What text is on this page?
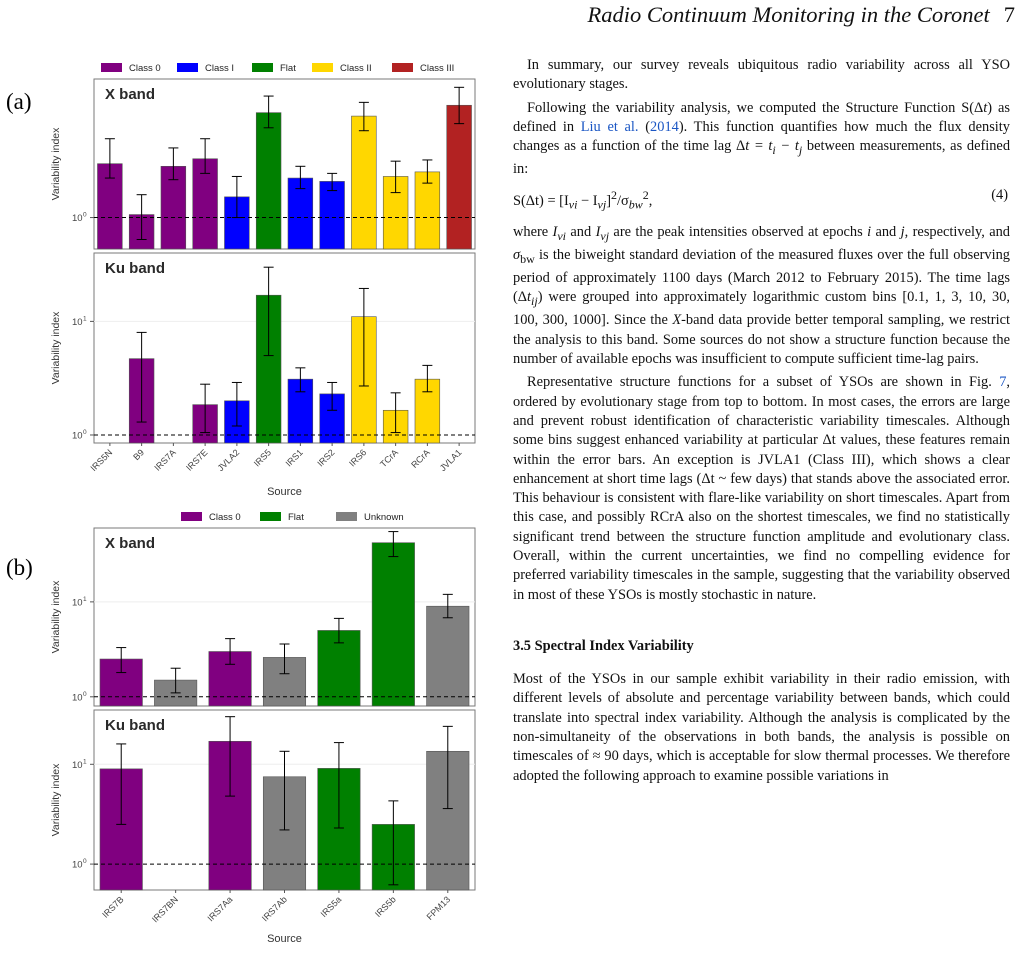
Radio Continuum Monitoring in the Coronet 7
(a)
(b)
Class 0	Class I	Flat	Class II	Class III
Class 0	Flat	Unknown
10 0
X band
Variability index
10 0
10 1
Ku band
Variability index
IRS5N B9 IRS7A IRS7E JVLA2 IRS5 IRS1 IRS2 IRS6 TCrA RCrA JVLA1
Source
10 0
10 1
X band
Variability index
10 0
10 1
Ku band
Variability index
IRS7B	IRS7BN	IRS7Aa	IRS7Ab	IRS5a	IRS5b	FPM13
Source

In summary, our survey reveals ubiquitous radio variability across all YSO evolutionary stages.

Following the variability analysis, we computed the Structure Function S(Δt) as defined in Liu et al. (2014). This function quantifies how much the flux density changes as a function of the time lag $\Delta t = t_i - t_j$ between measurements, as defined in:

$S(\Delta t) = [I_{\nu i} - I_{\nu j}]^2/\sigma_{bw}^2$,	(4)

where $I_{\nu i}$ and $I_{\nu j}$ are the peak intensities observed at epochs i and j, respectively, and $\sigma_{bw}$ is the biweight standard deviation of the measured fluxes over the full observing period of approximately 1100 days (March 2012 to February 2015). The time lags $(\Delta t_{ij})$ were grouped into approximately logarithmic custom bins [0.1, 1, 3, 10, 30, 100, 300, 1000]. Since the X-band data provide better temporal sampling, we restrict the analysis to this band. Some sources do not show a structure function because the number of available epochs was insufficient to compute sufficient time-lag pairs.

Representative structure functions for a subset of YSOs are shown in Fig. 7, ordered by evolutionary stage from top to bottom. In most cases, the errors are large and prevent robust identification of characteristic variability timescales. Although some bins suggest enhanced variability at particular Δt values, these features remain within the error bars. An exception is JVLA1 (Class III), which shows a clear enhancement at short time lags (Δt ~ few days) that stands above the associated error. This behaviour is consistent with flare-like variability on short timescales. Apart from this case, and possibly RCrA also on the shortest timescales, we find no statistically significant trend between the structure function amplitude and evolutionary class. Overall, within the current uncertainties, we find no compelling evidence for preferred variability timescales in the sample, suggesting that the variability observed in most of these YSOs is mostly stochastic in nature.

3.5 Spectral Index Variability

Most of the YSOs in our sample exhibit variability in their radio emission, with different levels of absolute and percentage variability between bands, which could translate into spectral index variability. Although the analysis is complicated by the non-simultaneity of the observations in both bands, the analysis is possible on timescales of ≈ 90 days, which is acceptable for slow thermal processes. We therefore adopted the following approach to examine possible variations in
